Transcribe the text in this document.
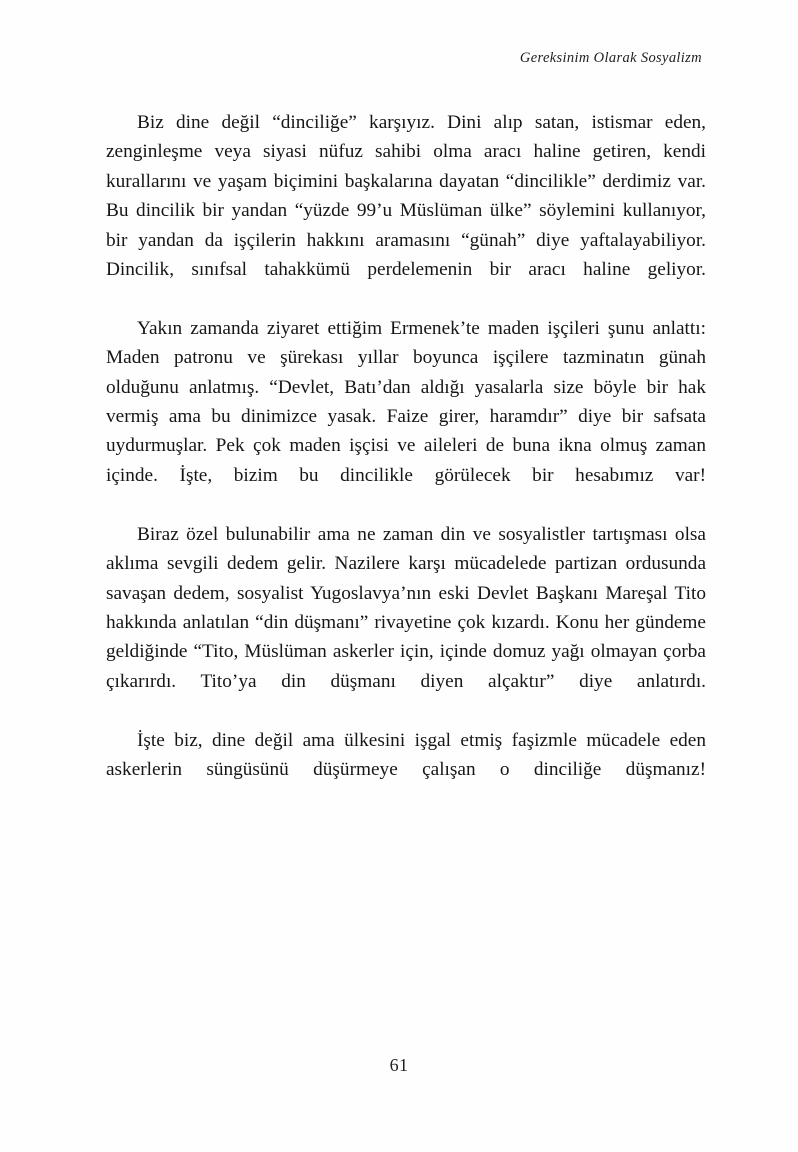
Gereksinim Olarak Sosyalizm

Biz dine değil “dinciliğe” karşıyız. Dini alıp satan, istismar eden, zenginleşme veya siyasi nüfuz sahibi olma aracı haline getiren, kendi kurallarını ve yaşam biçimini başkalarına dayatan “dincilikle” derdimiz var. Bu dincilik bir yandan “yüzde 99’u Müslüman ülke” söylemini kullanıyor, bir yandan da işçilerin hakkını aramasını “günah” diye yaftalayabiliyor. Dincilik, sınıfsal tahakkümü perdelemenin bir aracı haline geliyor.

Yakın zamanda ziyaret ettiğim Ermenek’te maden işçileri şunu anlattı: Maden patronu ve şürekası yıllar boyunca işçilere tazminatın günah olduğunu anlatmış. “Devlet, Batı’dan aldığı yasalarla size böyle bir hak vermiş ama bu dinimizce yasak. Faize girer, haramdır” diye bir safsata uydurmuşlar. Pek çok maden işçisi ve aileleri de buna ikna olmuş zaman içinde. İşte, bizim bu dincilikle görülecek bir hesabımız var!

Biraz özel bulunabilir ama ne zaman din ve sosyalistler tartışması olsa aklıma sevgili dedem gelir. Nazilere karşı mücadelede partizan ordusunda savaşan dedem, sosyalist Yugoslavya’nın eski Devlet Başkanı Mareşal Tito hakkında anlatılan “din düşmanı” rivayetine çok kızardı. Konu her gündeme geldiğinde “Tito, Müslüman askerler için, içinde domuz yağı olmayan çorba çıkarırdı. Tito’ya din düşmanı diyen alçaktır” diye anlatırdı.

İşte biz, dine değil ama ülkesini işgal etmiş faşizmle mücadele eden askerlerin süngüsünü düşürmeye çalışan o dinciliğe düşmanız!

61
